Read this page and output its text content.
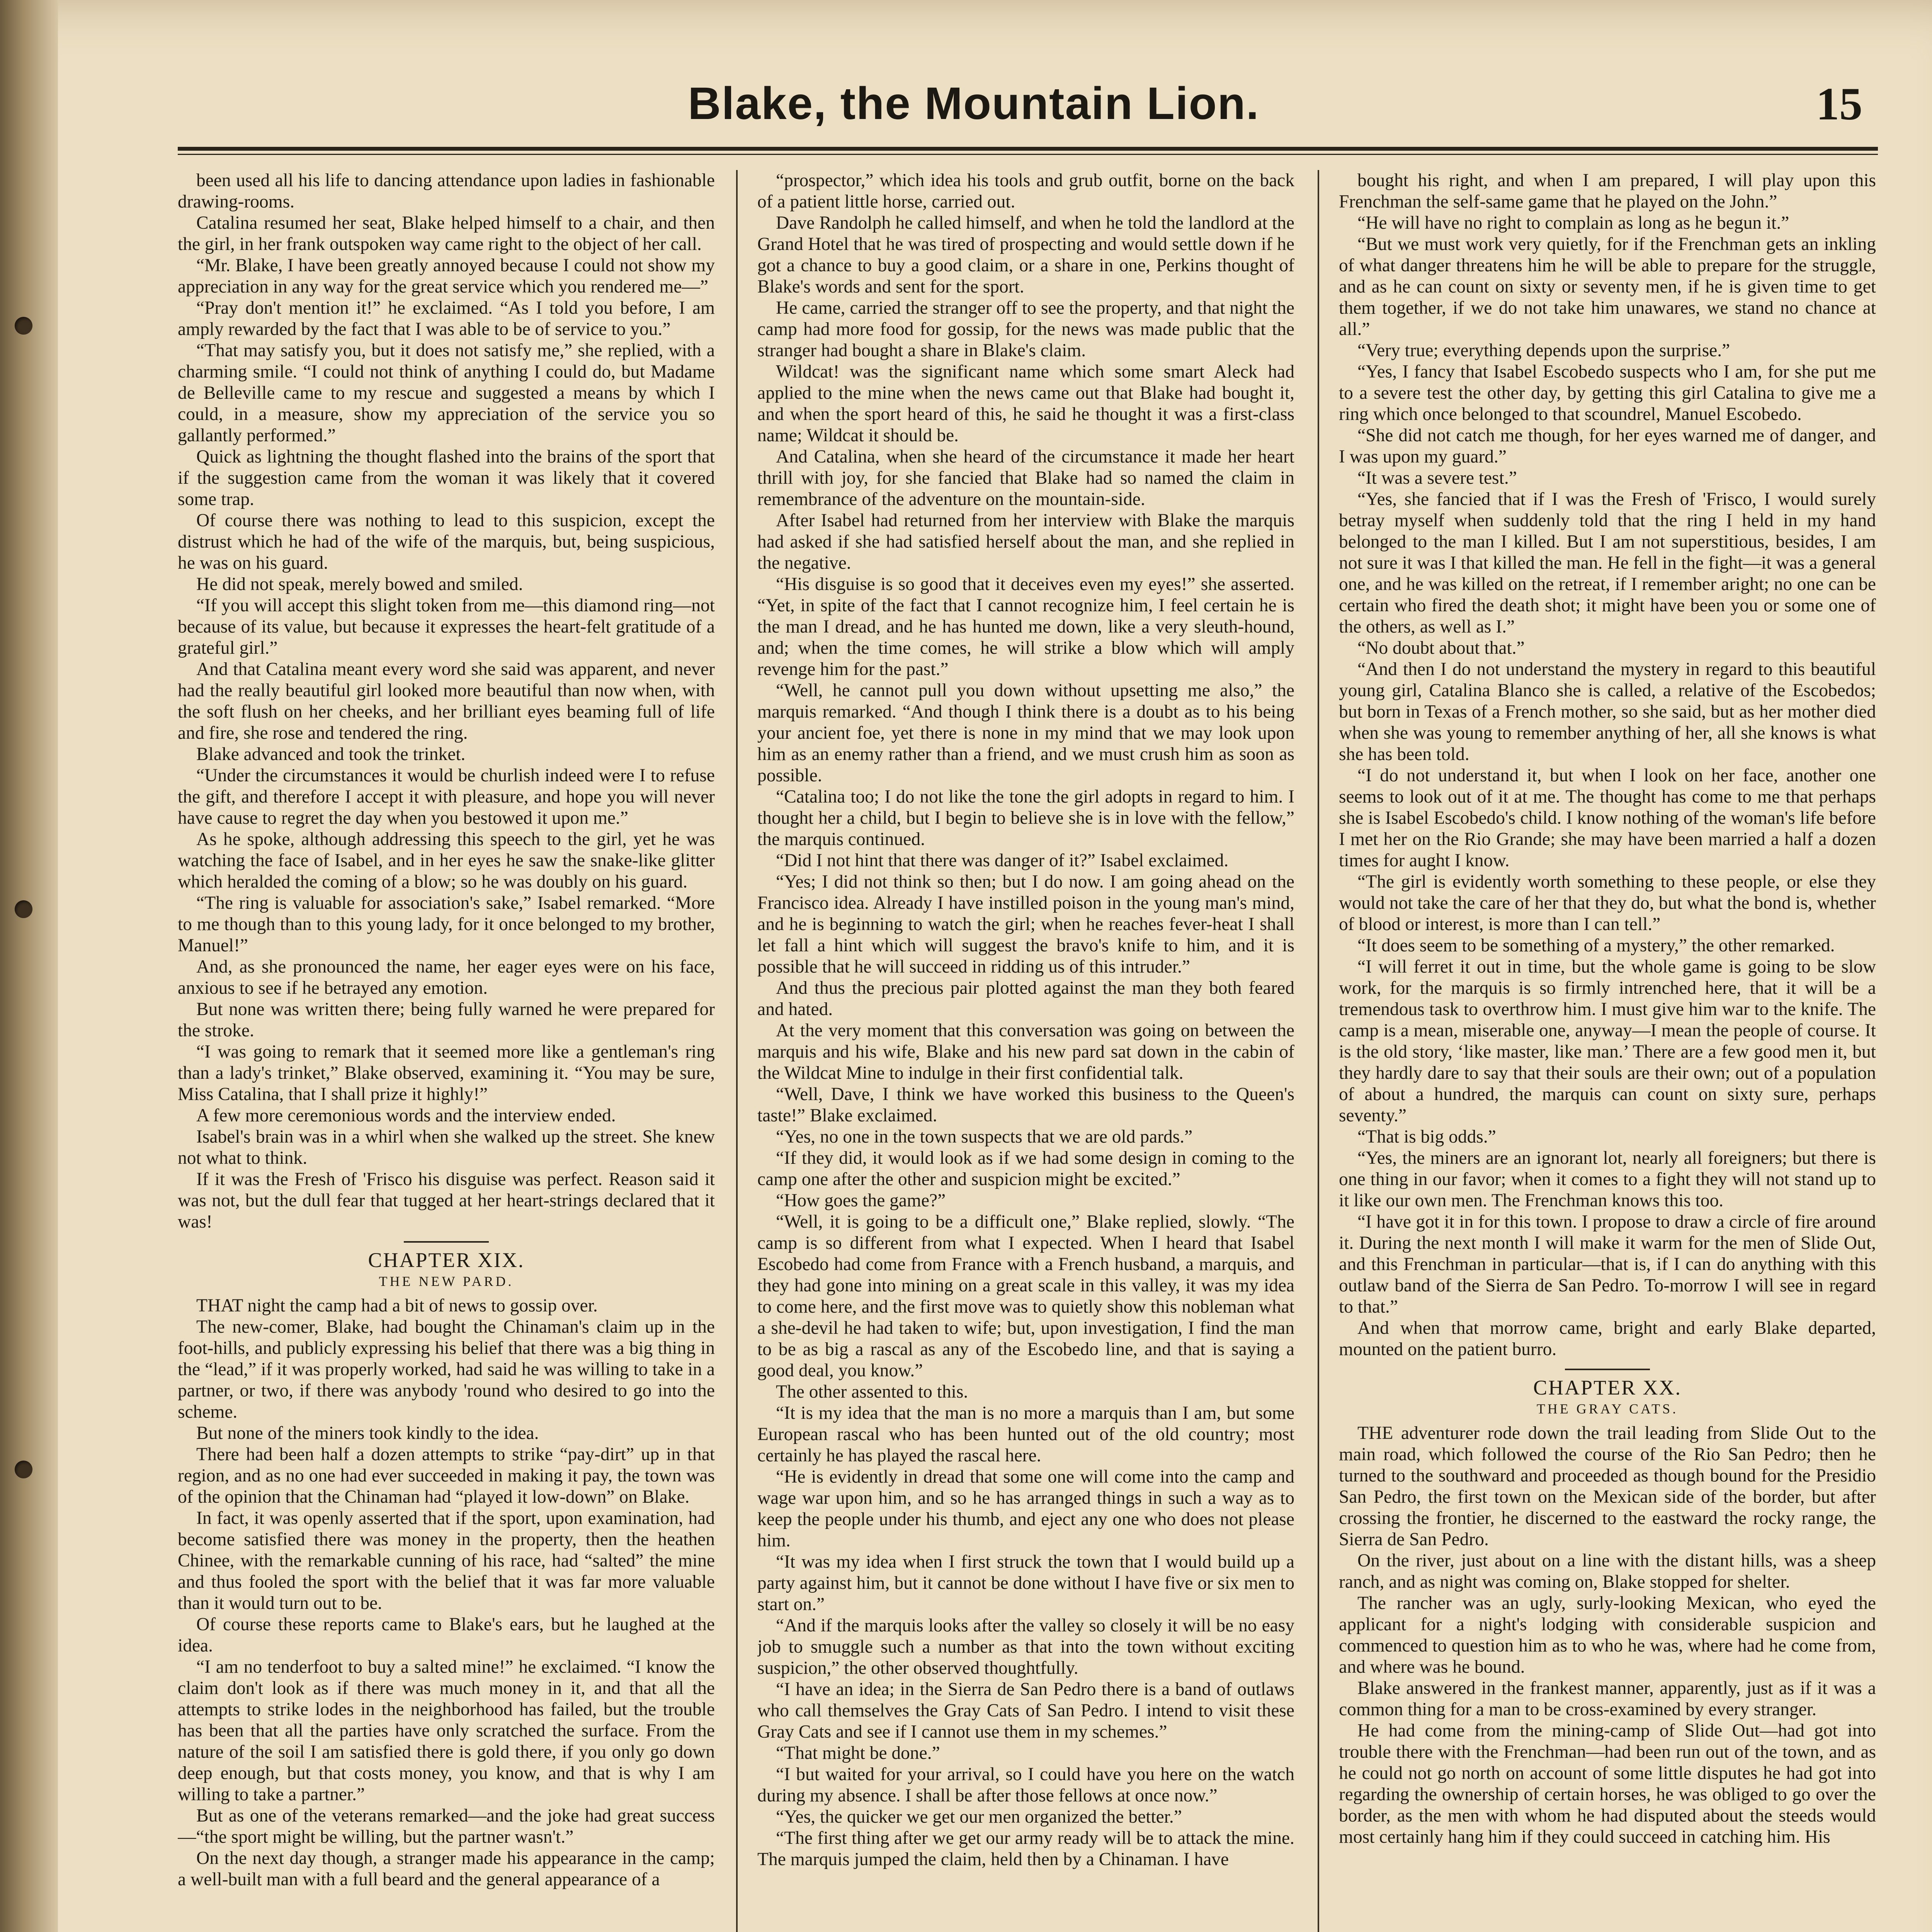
Blake, the Mountain Lion.	15

been used all his life to dancing attendance upon ladies in fashionable drawing-rooms.

Catalina resumed her seat, Blake helped himself to a chair, and then the girl, in her frank outspoken way came right to the object of her call.

“Mr. Blake, I have been greatly annoyed because I could not show my appreciation in any way for the great service which you rendered me—”

“Pray don't mention it!” he exclaimed. “As I told you before, I am amply rewarded by the fact that I was able to be of service to you.”

“That may satisfy you, but it does not satisfy me,” she replied, with a charming smile. “I could not think of anything I could do, but Madame de Belleville came to my rescue and suggested a means by which I could, in a measure, show my appreciation of the service you so gallantly performed.”

Quick as lightning the thought flashed into the brains of the sport that if the suggestion came from the woman it was likely that it covered some trap.

Of course there was nothing to lead to this suspicion, except the distrust which he had of the wife of the marquis, but, being suspicious, he was on his guard.

He did not speak, merely bowed and smiled.

“If you will accept this slight token from me—this diamond ring—not because of its value, but because it expresses the heart-felt gratitude of a grateful girl.”

And that Catalina meant every word she said was apparent, and never had the really beautiful girl looked more beautiful than now when, with the soft flush on her cheeks, and her brilliant eyes beaming full of life and fire, she rose and tendered the ring.

Blake advanced and took the trinket.

“Under the circumstances it would be churlish indeed were I to refuse the gift, and therefore I accept it with pleasure, and hope you will never have cause to regret the day when you bestowed it upon me.”

As he spoke, although addressing this speech to the girl, yet he was watching the face of Isabel, and in her eyes he saw the snake-like glitter which heralded the coming of a blow; so he was doubly on his guard.

“The ring is valuable for association's sake,” Isabel remarked. “More to me though than to this young lady, for it once belonged to my brother, Manuel!”

And, as she pronounced the name, her eager eyes were on his face, anxious to see if he betrayed any emotion.

But none was written there; being fully warned he were prepared for the stroke.

“I was going to remark that it seemed more like a gentleman's ring than a lady's trinket,” Blake observed, examining it. “You may be sure, Miss Catalina, that I shall prize it highly!”

A few more ceremonious words and the interview ended.

Isabel's brain was in a whirl when she walked up the street. She knew not what to think.

If it was the Fresh of 'Frisco his disguise was perfect. Reason said it was not, but the dull fear that tugged at her heart-strings declared that it was!

CHAPTER XIX.

THE NEW PARD.

THAT night the camp had a bit of news to gossip over.

The new-comer, Blake, had bought the Chinaman's claim up in the foot-hills, and publicly expressing his belief that there was a big thing in the “lead,” if it was properly worked, had said he was willing to take in a partner, or two, if there was anybody 'round who desired to go into the scheme.

But none of the miners took kindly to the idea.

There had been half a dozen attempts to strike “pay-dirt” up in that region, and as no one had ever succeeded in making it pay, the town was of the opinion that the Chinaman had “played it low-down” on Blake.

In fact, it was openly asserted that if the sport, upon examination, had become satisfied there was money in the property, then the heathen Chinee, with the remarkable cunning of his race, had “salted” the mine and thus fooled the sport with the belief that it was far more valuable than it would turn out to be.

Of course these reports came to Blake's ears, but he laughed at the idea.

“I am no tenderfoot to buy a salted mine!” he exclaimed. “I know the claim don't look as if there was much money in it, and that all the attempts to strike lodes in the neighborhood has failed, but the trouble has been that all the parties have only scratched the surface. From the nature of the soil I am satisfied there is gold there, if you only go down deep enough, but that costs money, you know, and that is why I am willing to take a partner.”

But as one of the veterans remarked—and the joke had great success—“the sport might be willing, but the partner wasn't.”

On the next day though, a stranger made his appearance in the camp; a well-built man with a full beard and the general appearance of a

“prospector,” which idea his tools and grub outfit, borne on the back of a patient little horse, carried out.

Dave Randolph he called himself, and when he told the landlord at the Grand Hotel that he was tired of prospecting and would settle down if he got a chance to buy a good claim, or a share in one, Perkins thought of Blake's words and sent for the sport.

He came, carried the stranger off to see the property, and that night the camp had more food for gossip, for the news was made public that the stranger had bought a share in Blake's claim.

Wildcat! was the significant name which some smart Aleck had applied to the mine when the news came out that Blake had bought it, and when the sport heard of this, he said he thought it was a first-class name; Wildcat it should be.

And Catalina, when she heard of the circumstance it made her heart thrill with joy, for she fancied that Blake had so named the claim in remembrance of the adventure on the mountain-side.

After Isabel had returned from her interview with Blake the marquis had asked if she had satisfied herself about the man, and she replied in the negative.

“His disguise is so good that it deceives even my eyes!” she asserted. “Yet, in spite of the fact that I cannot recognize him, I feel certain he is the man I dread, and he has hunted me down, like a very sleuth-hound, and; when the time comes, he will strike a blow which will amply revenge him for the past.”

“Well, he cannot pull you down without upsetting me also,” the marquis remarked. “And though I think there is a doubt as to his being your ancient foe, yet there is none in my mind that we may look upon him as an enemy rather than a friend, and we must crush him as soon as possible.

“Catalina too; I do not like the tone the girl adopts in regard to him. I thought her a child, but I begin to believe she is in love with the fellow,” the marquis continued.

“Did I not hint that there was danger of it?” Isabel exclaimed.

“Yes; I did not think so then; but I do now. I am going ahead on the Francisco idea. Already I have instilled poison in the young man's mind, and he is beginning to watch the girl; when he reaches fever-heat I shall let fall a hint which will suggest the bravo's knife to him, and it is possible that he will succeed in ridding us of this intruder.”

And thus the precious pair plotted against the man they both feared and hated.

At the very moment that this conversation was going on between the marquis and his wife, Blake and his new pard sat down in the cabin of the Wildcat Mine to indulge in their first confidential talk.

“Well, Dave, I think we have worked this business to the Queen's taste!” Blake exclaimed.

“Yes, no one in the town suspects that we are old pards.”

“If they did, it would look as if we had some design in coming to the camp one after the other and suspicion might be excited.”

“How goes the game?”

“Well, it is going to be a difficult one,” Blake replied, slowly. “The camp is so different from what I expected. When I heard that Isabel Escobedo had come from France with a French husband, a marquis, and they had gone into mining on a great scale in this valley, it was my idea to come here, and the first move was to quietly show this nobleman what a she-devil he had taken to wife; but, upon investigation, I find the man to be as big a rascal as any of the Escobedo line, and that is saying a good deal, you know.”

The other assented to this.

“It is my idea that the man is no more a marquis than I am, but some European rascal who has been hunted out of the old country; most certainly he has played the rascal here.

“He is evidently in dread that some one will come into the camp and wage war upon him, and so he has arranged things in such a way as to keep the people under his thumb, and eject any one who does not please him.

“It was my idea when I first struck the town that I would build up a party against him, but it cannot be done without I have five or six men to start on.”

“And if the marquis looks after the valley so closely it will be no easy job to smuggle such a number as that into the town without exciting suspicion,” the other observed thoughtfully.

“I have an idea; in the Sierra de San Pedro there is a band of outlaws who call themselves the Gray Cats of San Pedro. I intend to visit these Gray Cats and see if I cannot use them in my schemes.”

“That might be done.”

“I but waited for your arrival, so I could have you here on the watch during my absence. I shall be after those fellows at once now.”

“Yes, the quicker we get our men organized the better.”

“The first thing after we get our army ready will be to attack the mine. The marquis jumped the claim, held then by a Chinaman. I have

bought his right, and when I am prepared, I will play upon this Frenchman the self-same game that he played on the John.”

“He will have no right to complain as long as he begun it.”

“But we must work very quietly, for if the Frenchman gets an inkling of what danger threatens him he will be able to prepare for the struggle, and as he can count on sixty or seventy men, if he is given time to get them together, if we do not take him unawares, we stand no chance at all.”

“Very true; everything depends upon the surprise.”

“Yes, I fancy that Isabel Escobedo suspects who I am, for she put me to a severe test the other day, by getting this girl Catalina to give me a ring which once belonged to that scoundrel, Manuel Escobedo.

“She did not catch me though, for her eyes warned me of danger, and I was upon my guard.”

“It was a severe test.”

“Yes, she fancied that if I was the Fresh of 'Frisco, I would surely betray myself when suddenly told that the ring I held in my hand belonged to the man I killed. But I am not superstitious, besides, I am not sure it was I that killed the man. He fell in the fight—it was a general one, and he was killed on the retreat, if I remember aright; no one can be certain who fired the death shot; it might have been you or some one of the others, as well as I.”

“No doubt about that.”

“And then I do not understand the mystery in regard to this beautiful young girl, Catalina Blanco she is called, a relative of the Escobedos; but born in Texas of a French mother, so she said, but as her mother died when she was young to remember anything of her, all she knows is what she has been told.

“I do not understand it, but when I look on her face, another one seems to look out of it at me. The thought has come to me that perhaps she is Isabel Escobedo's child. I know nothing of the woman's life before I met her on the Rio Grande; she may have been married a half a dozen times for aught I know.

“The girl is evidently worth something to these people, or else they would not take the care of her that they do, but what the bond is, whether of blood or interest, is more than I can tell.”

“It does seem to be something of a mystery,” the other remarked.

“I will ferret it out in time, but the whole game is going to be slow work, for the marquis is so firmly intrenched here, that it will be a tremendous task to overthrow him. I must give him war to the knife. The camp is a mean, miserable one, anyway—I mean the people of course. It is the old story, ‘like master, like man.’ There are a few good men it, but they hardly dare to say that their souls are their own; out of a population of about a hundred, the marquis can count on sixty sure, perhaps seventy.”

“That is big odds.”

“Yes, the miners are an ignorant lot, nearly all foreigners; but there is one thing in our favor; when it comes to a fight they will not stand up to it like our own men. The Frenchman knows this too.

“I have got it in for this town. I propose to draw a circle of fire around it. During the next month I will make it warm for the men of Slide Out, and this Frenchman in particular—that is, if I can do anything with this outlaw band of the Sierra de San Pedro. To-morrow I will see in regard to that.”

And when that morrow came, bright and early Blake departed, mounted on the patient burro.

CHAPTER XX.

THE GRAY CATS.

THE adventurer rode down the trail leading from Slide Out to the main road, which followed the course of the Rio San Pedro; then he turned to the southward and proceeded as though bound for the Presidio San Pedro, the first town on the Mexican side of the border, but after crossing the frontier, he discerned to the eastward the rocky range, the Sierra de San Pedro.

On the river, just about on a line with the distant hills, was a sheep ranch, and as night was coming on, Blake stopped for shelter.

The rancher was an ugly, surly-looking Mexican, who eyed the applicant for a night's lodging with considerable suspicion and commenced to question him as to who he was, where had he come from, and where was he bound.

Blake answered in the frankest manner, apparently, just as if it was a common thing for a man to be cross-examined by every stranger.

He had come from the mining-camp of Slide Out—had got into trouble there with the Frenchman—had been run out of the town, and as he could not go north on account of some little disputes he had got into regarding the ownership of certain horses, he was obliged to go over the border, as the men with whom he had disputed about the steeds would most certainly hang him if they could succeed in catching him. His
